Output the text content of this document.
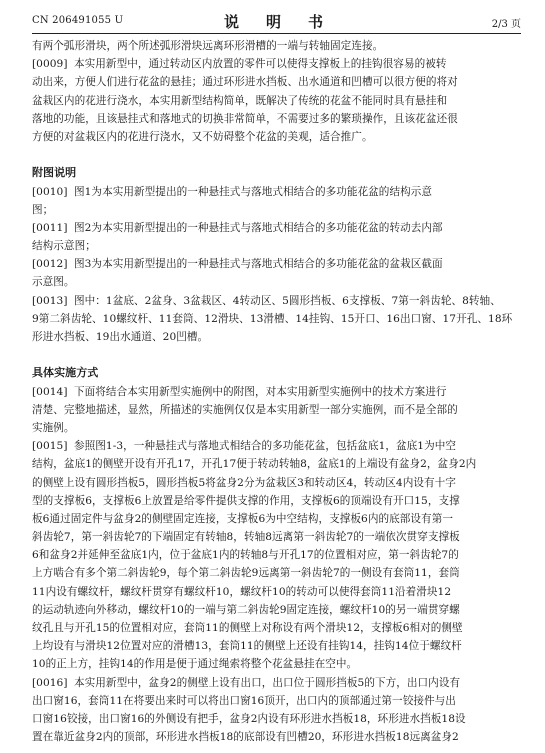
CN 206491055 U	说　明　书	2/3 页
有两个弧形滑块，两个所述弧形滑块远离环形滑槽的一端与转轴固定连接。
[0009] 本实用新型中，通过转动区内放置的零件可以使得支撑板上的挂钩很容易的被转
动出来，方便人们进行花盆的悬挂；通过环形进水挡板、出水通道和凹槽可以很方便的将对
盆栽区内的花进行浇水，本实用新型结构简单，既解决了传统的花盆不能同时具有悬挂和
落地的功能，且该悬挂式和落地式的切换非常简单，不需要过多的繁琐操作，且该花盆还很
方便的对盆栽区内的花进行浇水，又不妨碍整个花盆的美观，适合推广。
附图说明
[0010] 图1为本实用新型提出的一种悬挂式与落地式相结合的多功能花盆的结构示意
图；
[0011] 图2为本实用新型提出的一种悬挂式与落地式相结合的多功能花盆的转动去内部
结构示意图；
[0012] 图3为本实用新型提出的一种悬挂式与落地式相结合的多功能花盆的盆栽区截面
示意图。
[0013] 图中：1盆底、2盆身、3盆栽区、4转动区、5圆形挡板、6支撑板、7第一斜齿轮、8转轴、
9第二斜齿轮、10螺纹杆、11套筒、12滑块、13滑槽、14挂钩、15开口、16出口窗、17开孔、18环
形进水挡板、19出水通道、20凹槽。
具体实施方式
[0014] 下面将结合本实用新型实施例中的附图，对本实用新型实施例中的技术方案进行
清楚、完整地描述，显然，所描述的实施例仅仅是本实用新型一部分实施例，而不是全部的
实施例。
[0015] 参照图1-3，一种悬挂式与落地式相结合的多功能花盆，包括盆底1，盆底1为中空
结构，盆底1的侧壁开设有开孔17，开孔17便于转动转轴8，盆底1的上端设有盆身2，盆身2内
的侧壁上设有圆形挡板5，圆形挡板5将盆身2分为盆栽区3和转动区4，转动区4内设有十字
型的支撑板6，支撑板6上放置是给零件提供支撑的作用，支撑板6的顶端设有开口15，支撑
板6通过固定件与盆身2的侧壁固定连接，支撑板6为中空结构，支撑板6内的底部设有第一
斜齿轮7，第一斜齿轮7的下端固定有转轴8，转轴8远离第一斜齿轮7的一端依次贯穿支撑板
6和盆身2并延伸至盆底1内，位于盆底1内的转轴8与开孔17的位置相对应，第一斜齿轮7的
上方啮合有多个第二斜齿轮9，每个第二斜齿轮9远离第一斜齿轮7的一侧设有套筒11，套筒
11内设有螺纹杆，螺纹杆贯穿有螺纹杆10，螺纹杆10的转动可以使得套筒11沿着滑块12
的运动轨迹向外移动，螺纹杆10的一端与第二斜齿轮9固定连接，螺纹杆10的另一端贯穿螺
纹孔且与开孔15的位置相对应，套筒11的侧壁上对称设有两个滑块12，支撑板6相对的侧壁
上均设有与滑块12位置对应的滑槽13，套筒11的侧壁上还设有挂钩14，挂钩14位于螺纹杆
10的正上方，挂钩14的作用是便于通过绳索将整个花盆悬挂在空中。
[0016] 本实用新型中，盆身2的侧壁上设有出口，出口位于圆形挡板5的下方，出口内设有
出口窗16，套筒11在将要出来时可以将出口窗16顶开，出口内的顶部通过第一铰接件与出
口窗16铰接，出口窗16的外侧设有把手，盆身2内设有环形进水挡板18，环形进水挡板18设
置在靠近盆身2内的顶部，环形进水挡板18的底部设有凹槽20，环形进水挡板18远离盆身2
